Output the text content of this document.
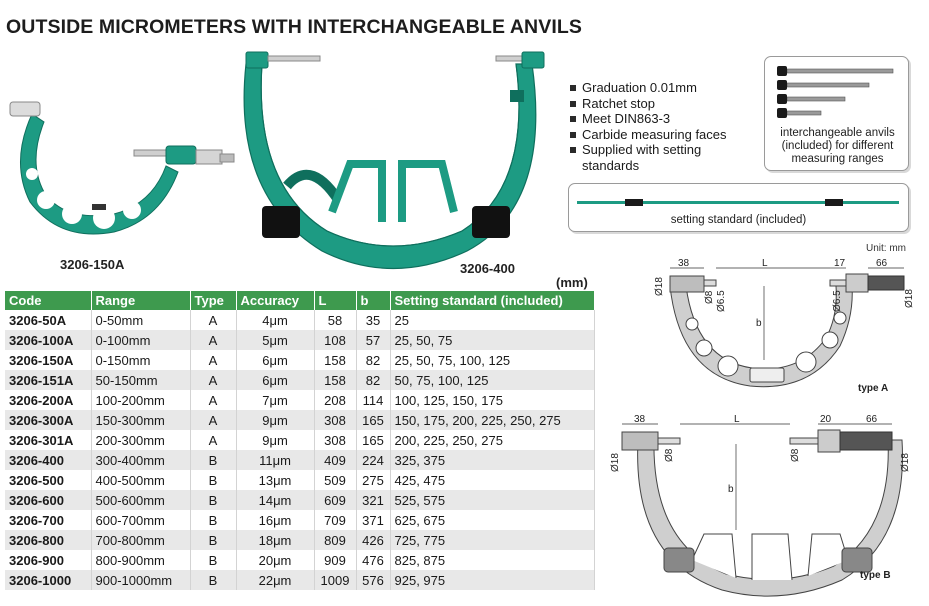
OUTSIDE MICROMETERS WITH INTERCHANGEABLE ANVILS
3206-150A	3206-400
Graduation 0.01mm
Ratchet stop
Meet DIN863-3
Carbide measuring faces
Supplied with setting standards
interchangeable anvils (included) for different measuring ranges
setting standard (included)
Unit: mm
(mm)
Code	Range	Type	Accuracy	L	b	Setting standard (included)
3206-50A	0-50mm	A	4μm	58	35	25
3206-100A	0-100mm	A	5μm	108	57	25, 50, 75
3206-150A	0-150mm	A	6μm	158	82	25, 50, 75, 100, 125
3206-151A	50-150mm	A	6μm	158	82	50, 75, 100, 125
3206-200A	100-200mm	A	7μm	208	114	100, 125, 150, 175
3206-300A	150-300mm	A	9μm	308	165	150, 175, 200, 225, 250, 275
3206-301A	200-300mm	A	9μm	308	165	200, 225, 250, 275
3206-400	300-400mm	B	11μm	409	224	325, 375
3206-500	400-500mm	B	13μm	509	275	425, 475
3206-600	500-600mm	B	14μm	609	321	525, 575
3206-700	600-700mm	B	16μm	709	371	625, 675
3206-800	700-800mm	B	18μm	809	426	725, 775
3206-900	800-900mm	B	20μm	909	476	825, 875
3206-1000	900-1000mm	B	22μm	1009	576	925, 975
38	L	17	66
b
Ø18
Ø8 Ø6.5	Ø6.5	Ø18
type A
38	L	20	66
b
Ø18	Ø8	Ø8	Ø18
type B
